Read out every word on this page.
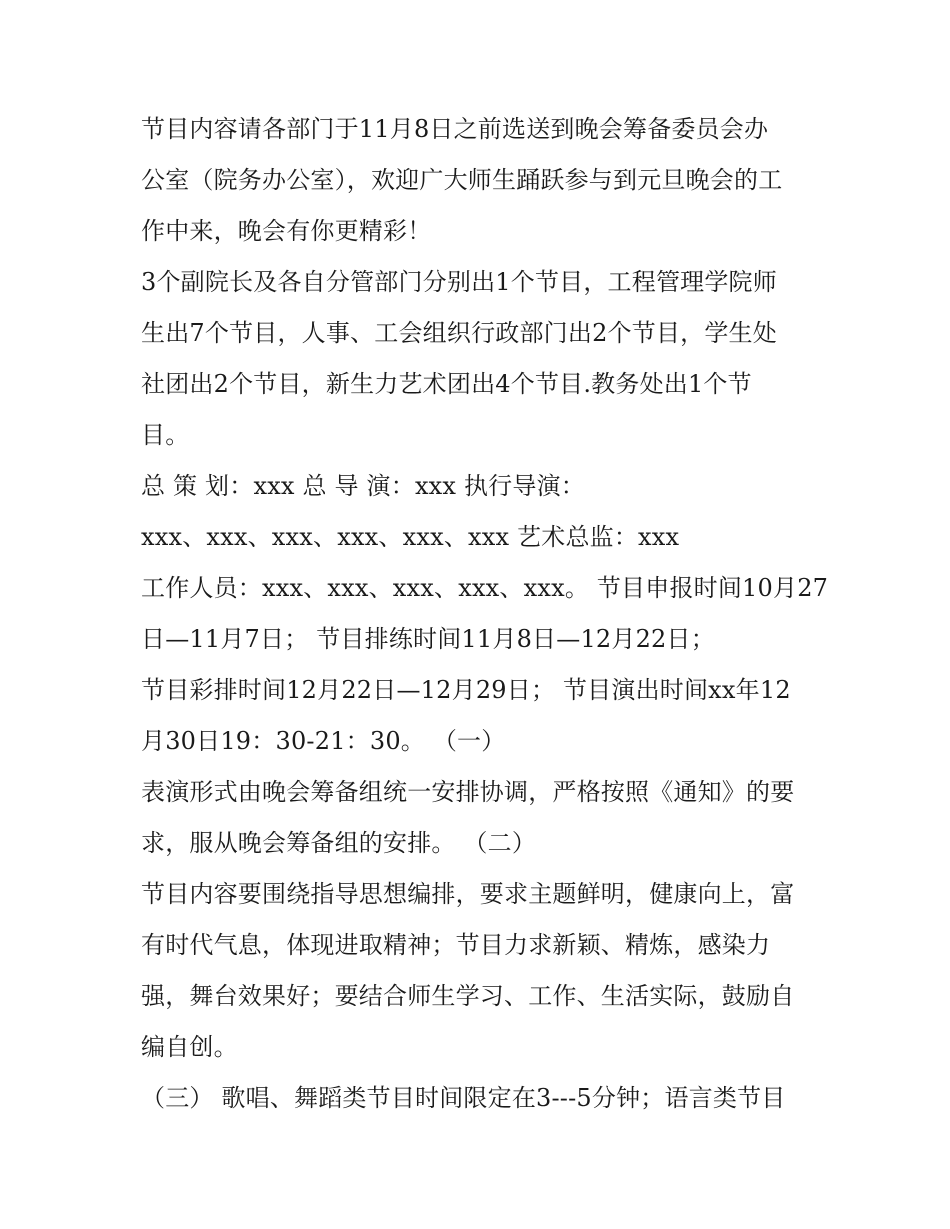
节目内容请各部门于11月8日之前选送到晚会筹备委员会办
公室（院务办公室），欢迎广大师生踊跃参与到元旦晚会的工
作中来，晚会有你更精彩！
3个副院长及各自分管部门分别出1个节目，工程管理学院师
生出7个节目，人事、工会组织行政部门出2个节目，学生处
社团出2个节目，新生力艺术团出4个节目.教务处出1个节
目。
总 策 划：xxx 总 导 演：xxx 执行导演：
xxx、xxx、xxx、xxx、xxx、xxx 艺术总监：xxx
工作人员：xxx、xxx、xxx、xxx、xxx。 节目申报时间10月27
日—11月7日； 节目排练时间11月8日—12月22日；
节目彩排时间12月22日—12月29日； 节目演出时间xx年12
月30日19：30-21：30。 （一）
表演形式由晚会筹备组统一安排协调，严格按照《通知》的要
求，服从晚会筹备组的安排。 （二）
节目内容要围绕指导思想编排，要求主题鲜明，健康向上，富
有时代气息，体现进取精神；节目力求新颖、精炼，感染力
强，舞台效果好；要结合师生学习、工作、生活实际，鼓励自
编自创。
（三） 歌唱、舞蹈类节目时间限定在3---5分钟；语言类节目
